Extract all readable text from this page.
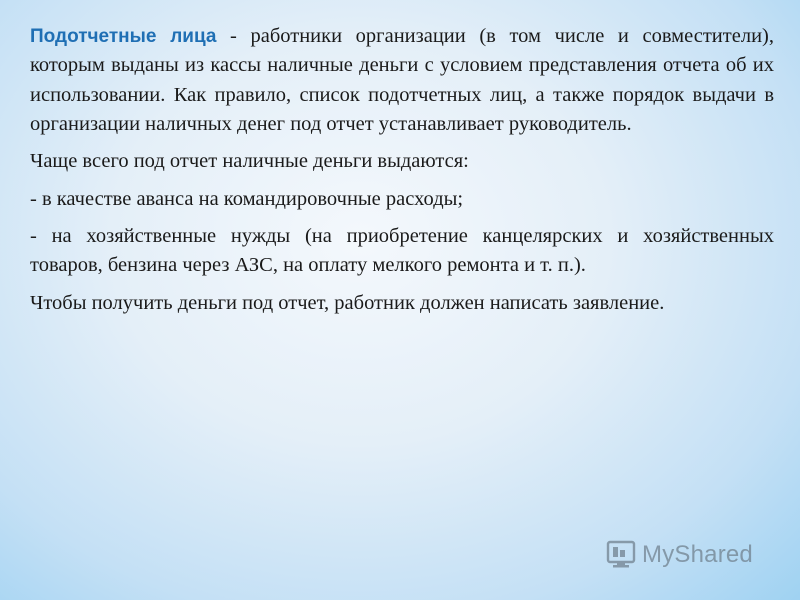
Подотчетные лица - работники организации (в том числе и совместители), которым выданы из кассы наличные деньги с условием представления отчета об их использовании. Как правило, список подотчетных лиц, а также порядок выдачи в организации наличных денег под отчет устанавливает руководитель.

Чаще всего под отчет наличные деньги выдаются:

- в качестве аванса на командировочные расходы;

- на хозяйственные нужды (на приобретение канцелярских и хозяйственных товаров, бензина через АЗС, на оплату мелкого ремонта и т. п.).

Чтобы получить деньги под отчет, работник должен написать заявление.

MyShared
